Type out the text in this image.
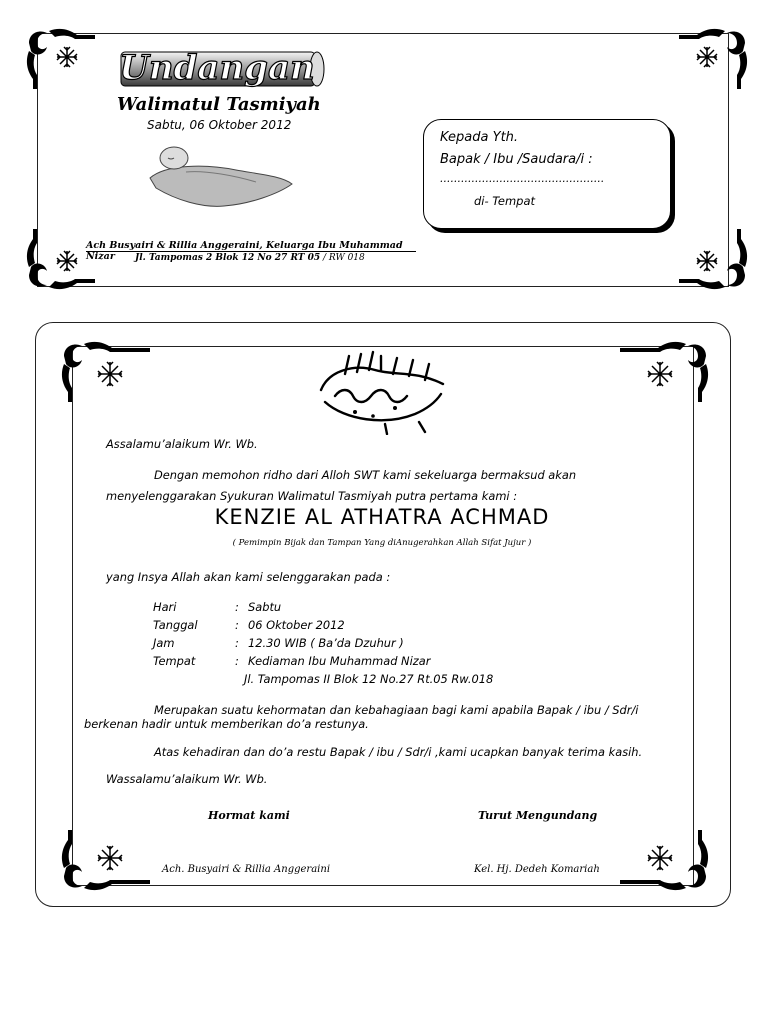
Undangan
Walimatul Tasmiyah
Sabtu, 06 Oktober 2012
Ach Busyairi & Rillia Anggeraini, Keluarga Ibu Muhammad Nizar	Jl. Tampomas 2 Blok 12 No 27 RT 05 / RW 018
Kepada Yth.
Bapak / Ibu /Saudara/i :
...............................................
di- Tempat
Assalamu’alaikum Wr. Wb.
Dengan memohon ridho dari Alloh SWT kami sekeluarga bermaksud akan
menyelenggarakan Syukuran Walimatul Tasmiyah putra pertama kami :
KENZIE AL ATHATRA ACHMAD
( Pemimpin Bijak dan Tampan Yang diAnugerahkan Allah Sifat Jujur )
yang Insya Allah akan kami selenggarakan pada :
Hari	: Sabtu
Tanggal	: 06 Oktober 2012
Jam	: 12.30 WIB ( Ba’da Dzuhur )
Tempat	: Kediaman Ibu Muhammad Nizar
Jl. Tampomas II Blok 12 No.27 Rt.05 Rw.018
Merupakan suatu kehormatan dan kebahagiaan bagi kami apabila Bapak / ibu / Sdr/i
berkenan hadir untuk memberikan do’a restunya.
Atas kehadiran dan do’a restu Bapak / ibu / Sdr/i ,kami ucapkan banyak terima kasih.
Wassalamu’alaikum Wr. Wb.
Hormat kami	Turut Mengundang
Ach. Busyairi & Rillia Anggeraini	Kel. Hj. Dedeh Komariah
